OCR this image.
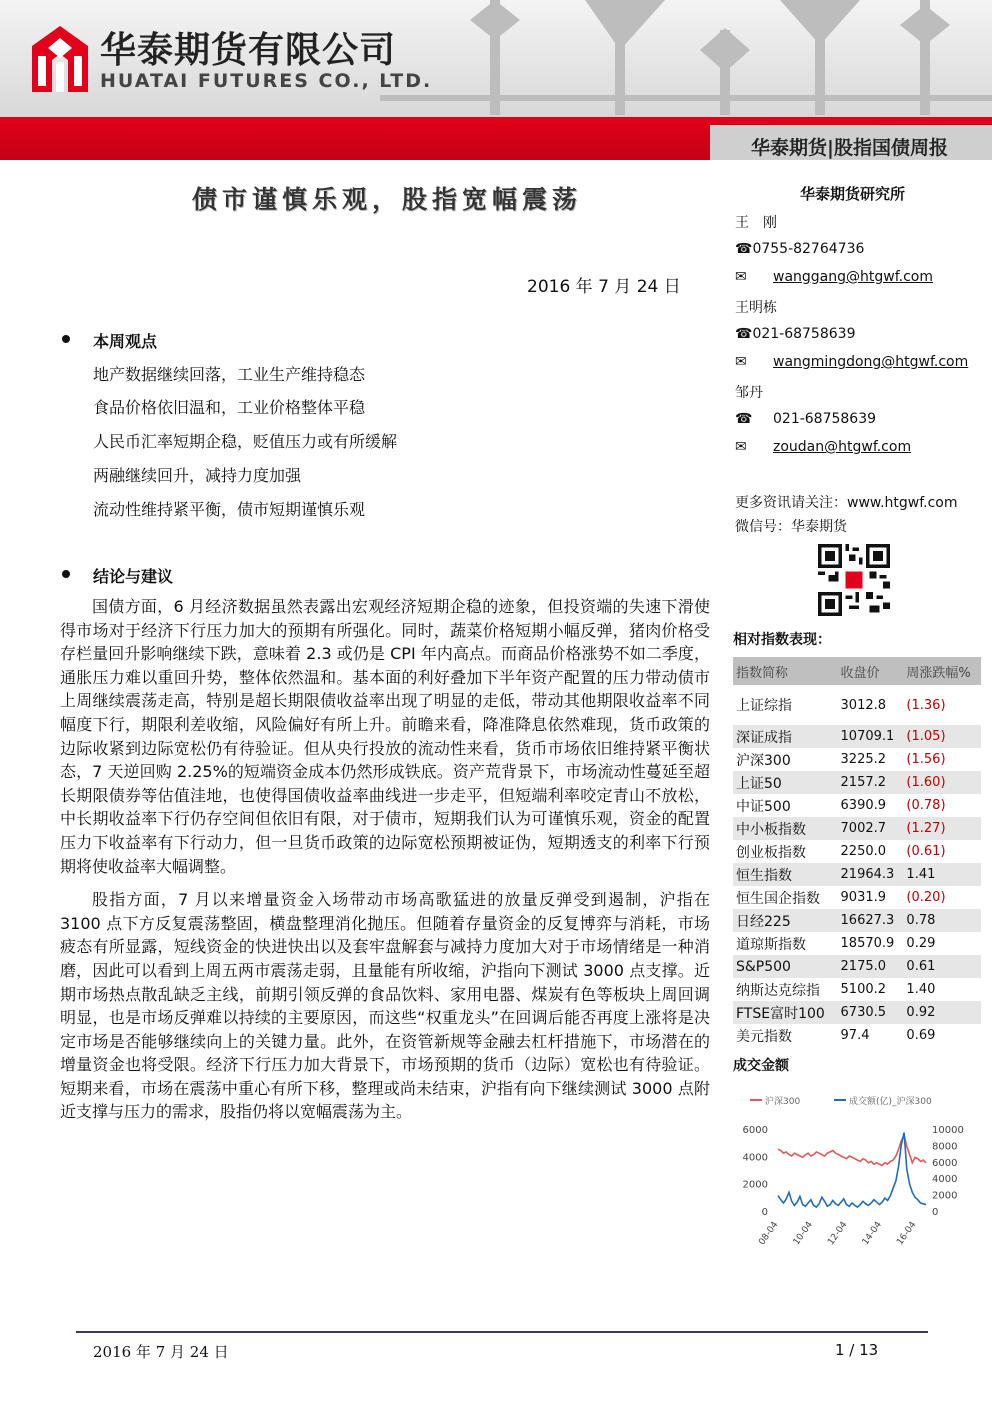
华泰期货有限公司
HUATAI FUTURES CO., LTD.
华泰期货|股指国债周报
债市谨慎乐观，股指宽幅震荡
2016 年 7 月 24 日
本周观点
地产数据继续回落，工业生产维持稳态
食品价格依旧温和，工业价格整体平稳
人民币汇率短期企稳，贬值压力或有所缓解
两融继续回升，减持力度加强
流动性维持紧平衡，债市短期谨慎乐观
结论与建议

国债方面，6 月经济数据虽然表露出宏观经济短期企稳的迹象，但投资端的失速下滑使得市场对于经济下行压力加大的预期有所强化。同时，蔬菜价格短期小幅反弹，猪肉价格受存栏量回升影响继续下跌，意味着 2.3 或仍是 CPI 年内高点。而商品价格涨势不如二季度，通胀压力难以重回升势，整体依然温和。基本面的利好叠加下半年资产配置的压力带动债市上周继续震荡走高，特别是超长期限债收益率出现了明显的走低，带动其他期限收益率不同幅度下行，期限利差收缩，风险偏好有所上升。前瞻来看，降准降息依然难现，货币政策的边际收紧到边际宽松仍有待验证。但从央行投放的流动性来看，货币市场依旧维持紧平衡状态，7 天逆回购 2.25%的短端资金成本仍然形成铁底。资产荒背景下，市场流动性蔓延至超长期限债券等估值洼地，也使得国债收益率曲线进一步走平，但短端利率咬定青山不放松，中长期收益率下行仍存空间但依旧有限，对于债市，短期我们认为可谨慎乐观，资金的配置压力下收益率有下行动力，但一旦货币政策的边际宽松预期被证伪，短期透支的利率下行预期将使收益率大幅调整。

股指方面，7 月以来增量资金入场带动市场高歌猛进的放量反弹受到遏制，沪指在 3100 点下方反复震荡整固，横盘整理消化抛压。但随着存量资金的反复博弈与消耗，市场疲态有所显露，短线资金的快进快出以及套牢盘解套与减持力度加大对于市场情绪是一种消磨，因此可以看到上周五两市震荡走弱，且量能有所收缩，沪指向下测试 3000 点支撑。近期市场热点散乱缺乏主线，前期引领反弹的食品饮料、家用电器、煤炭有色等板块上周回调明显，也是市场反弹难以持续的主要原因，而这些“权重龙头”在回调后能否再度上涨将是决定市场是否能够继续向上的关键力量。此外，在资管新规等金融去杠杆措施下，市场潜在的增量资金也将受限。经济下行压力加大背景下，市场预期的货币（边际）宽松也有待验证。短期来看，市场在震荡中重心有所下移，整理或尚未结束，沪指有向下继续测试 3000 点附近支撑与压力的需求，股指仍将以宽幅震荡为主。

华泰期货研究所
王　刚
☎0755-82764736
✉ wanggang@htgwf.com
王明栋
☎021-68758639
✉ wangmingdong@htgwf.com
邹丹
☎ 021-68758639
✉ zoudan@htgwf.com
更多资讯请关注：www.htgwf.com
微信号：华泰期货
相对指数表现：
指数简称	收盘价	周涨跌幅%
上证综指	3012.8	(1.36)
深证成指	10709.1	(1.05)
沪深300	3225.2	(1.56)
上证50	2157.2	(1.60)
中证500	6390.9	(0.78)
中小板指数	7002.7	(1.27)
创业板指数	2250.0	(0.61)
恒生指数	21964.3	1.41
恒生国企指数	9031.9	(0.20)
日经225	16627.3	0.78
道琼斯指数	18570.9	0.29
S&P500	2175.0	0.61
纳斯达克综指	5100.2	1.40
FTSE富时100	6730.5	0.92
美元指数	97.4	0.69
成交金额
沪深300	成交额(亿)_沪深300
6000
4000
2000
0
10000
8000
6000
4000
2000
0
08-04 10-04 12-04 14-04 16-04
2016 年 7 月 24 日	1 / 13
